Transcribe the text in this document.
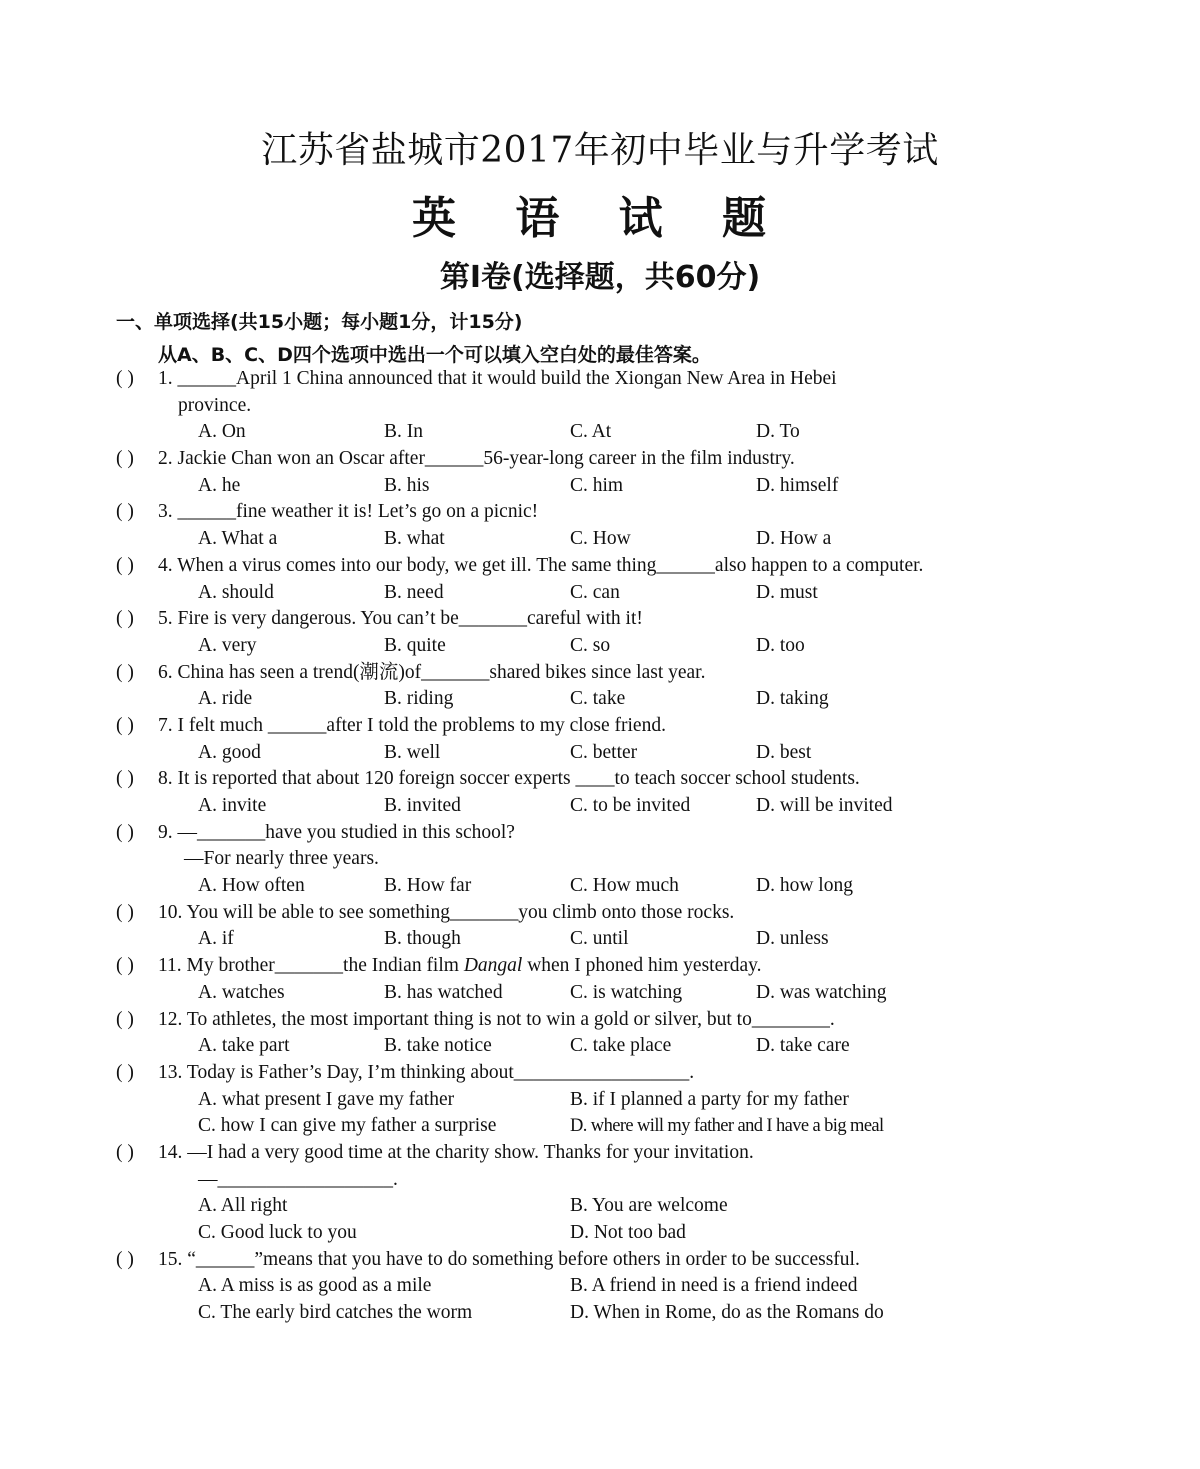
江苏省盐城市2017年初中毕业与升学考试
英 语 试 题
第Ⅰ卷(选择题，共60分)
一、单项选择(共15小题；每小题1分，计15分)
从A、B、C、D四个选项中选出一个可以填入空白处的最佳答案。
( ) 1. ______April 1 China announced that it would build the Xiongan New Area in Hebei
province.
A. On	B. In	C. At	D. To
( ) 2. Jackie Chan won an Oscar after______56-year-long career in the film industry.
A. he	B. his	C. him	D. himself
( ) 3. ______fine weather it is! Let’s go on a picnic!
A. What a	B. what	C. How	D. How a
( ) 4. When a virus comes into our body, we get ill. The same thing______also happen to a computer.
A. should	B. need	C. can	D. must
( ) 5. Fire is very dangerous. You can’t be_______careful with it!
A. very	B. quite	C. so	D. too
( ) 6. China has seen a trend(潮流)of_______shared bikes since last year.
A. ride	B. riding	C. take	D. taking
( ) 7. I felt much ______after I told the problems to my close friend.
A. good	B. well	C. better	D. best
( ) 8. It is reported that about 120 foreign soccer experts ____to teach soccer school students.
A. invite	B. invited	C. to be invited	D. will be invited
( ) 9. —_______have you studied in this school?
—For nearly three years.
A. How often	B. How far	C. How much	D. how long
( ) 10. You will be able to see something_______you climb onto those rocks.
A. if	B. though	C. until	D. unless
( ) 11. My brother_______the Indian film Dangal when I phoned him yesterday.
A. watches	B. has watched	C. is watching	D. was watching
( ) 12. To athletes, the most important thing is not to win a gold or silver, but to________.
A. take part	B. take notice	C. take place	D. take care
( ) 13. Today is Father’s Day, I’m thinking about__________________.
A. what present I gave my father	B. if I planned a party for my father
C. how I can give my father a surprise	D. where will my father and I have a big meal
( ) 14. —I had a very good time at the charity show. Thanks for your invitation.
—__________________.
A. All right	B. You are welcome
C. Good luck to you	D. Not too bad
( ) 15. “______”means that you have to do something before others in order to be successful.
A. A miss is as good as a mile	B. A friend in need is a friend indeed
C. The early bird catches the worm	D. When in Rome, do as the Romans do
